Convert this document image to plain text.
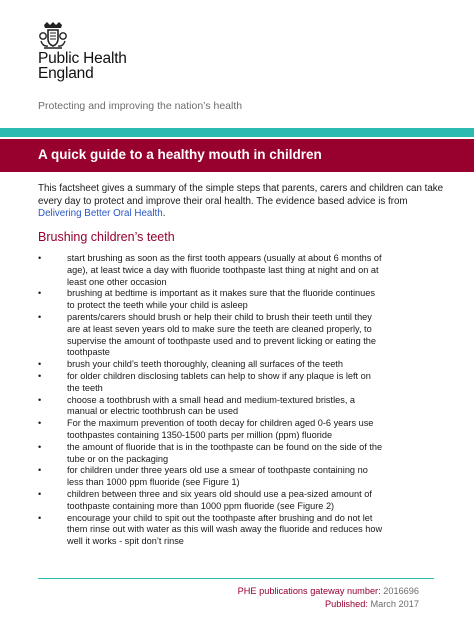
Public Health
England
Protecting and improving the nation’s health
A quick guide to a healthy mouth in children

This factsheet gives a summary of the simple steps that parents, carers and children can take every day to protect and improve their oral health. The evidence based advice is from Delivering Better Oral Health.

Brushing children’s teeth
•	start brushing as soon as the first tooth appears (usually at about 6 months of
age), at least twice a day with fluoride toothpaste last thing at night and on at
least one other occasion
•	brushing at bedtime is important as it makes sure that the fluoride continues
to protect the teeth while your child is asleep
•	parents/carers should brush or help their child to brush their teeth until they
are at least seven years old to make sure the teeth are cleaned properly, to
supervise the amount of toothpaste used and to prevent licking or eating the
toothpaste
•	brush your child’s teeth thoroughly, cleaning all surfaces of the teeth
•	for older children disclosing tablets can help to show if any plaque is left on
the teeth
•	choose a toothbrush with a small head and medium-textured bristles, a
manual or electric toothbrush can be used
•	For the maximum prevention of tooth decay for children aged 0-6 years use
toothpastes containing 1350-1500 parts per million (ppm) fluoride
•	the amount of fluoride that is in the toothpaste can be found on the side of the
tube or on the packaging
•	for children under three years old use a smear of toothpaste containing no
less than 1000 ppm fluoride (see Figure 1)
•	children between three and six years old should use a pea-sized amount of
toothpaste containing more than 1000 ppm fluoride (see Figure 2)
•	encourage your child to spit out the toothpaste after brushing and do not let
them rinse out with water as this will wash away the fluoride and reduces how
well it works - spit don’t rinse
PHE publications gateway number: 2016696
Published: March 2017
